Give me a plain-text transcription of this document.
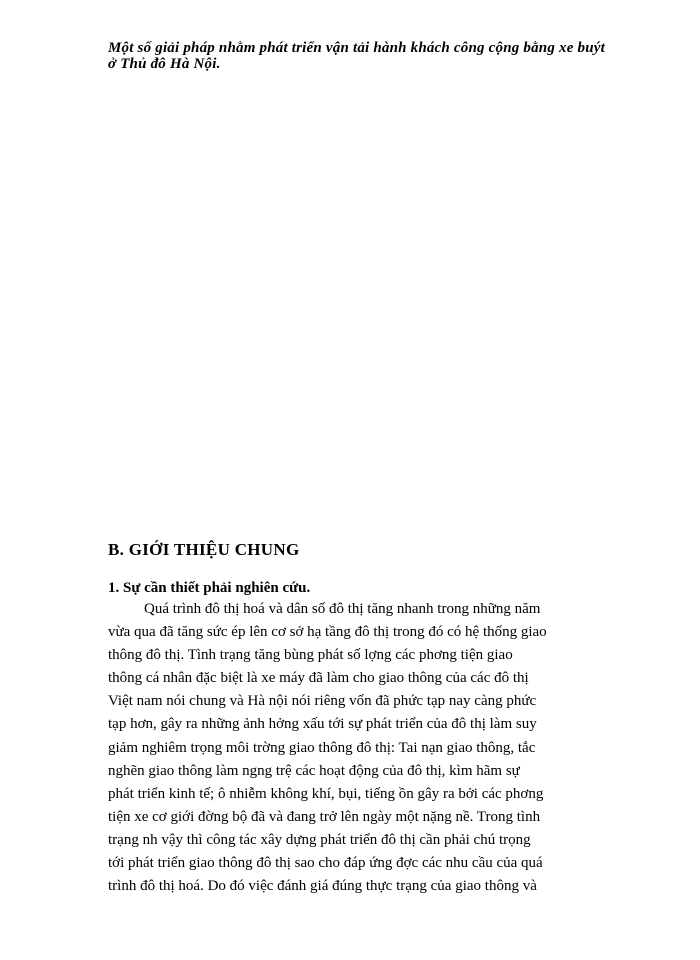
Một số giải pháp nhằm phát triển vận tải hành khách công cộng bằng xe buýt ở Thủ đô Hà Nội.
B. GIỚI THIỆU CHUNG
1. Sự cần thiết phải nghiên cứu.
Quá trình đô thị hoá và dân số đô thị tăng nhanh trong những năm
vừa qua đã tăng sức ép lên cơ sở hạ tầng đô thị trong đó có hệ thống giao
thông đô thị. Tình trạng tăng bùng phát số lợng các phơng tiện giao
thông cá nhân đặc biệt là xe máy đã làm cho giao thông của các đô thị
Việt nam nói chung và Hà nội nói riêng vốn đã phức tạp nay càng phức
tạp hơn, gây ra những ảnh hởng xấu tới sự phát triển của đô thị làm suy
giảm nghiêm trọng môi trờng giao thông đô thị: Tai nạn giao thông, tắc
nghẽn giao thông làm ngng trệ các hoạt động của đô thị, kìm hãm sự
phát triển kinh tế; ô nhiễm không khí, bụi, tiếng ồn gây ra bởi các phơng
tiện xe cơ giới đờng bộ đã và đang trở lên ngày một nặng nề. Trong tình
trạng nh vậy thì công tác xây dựng phát triển đô thị cần phải chú trọng
tới phát triển giao thông đô thị sao cho đáp ứng đợc các nhu cầu của quá
trình đô thị hoá. Do đó việc đánh giá đúng thực trạng của giao thông và
